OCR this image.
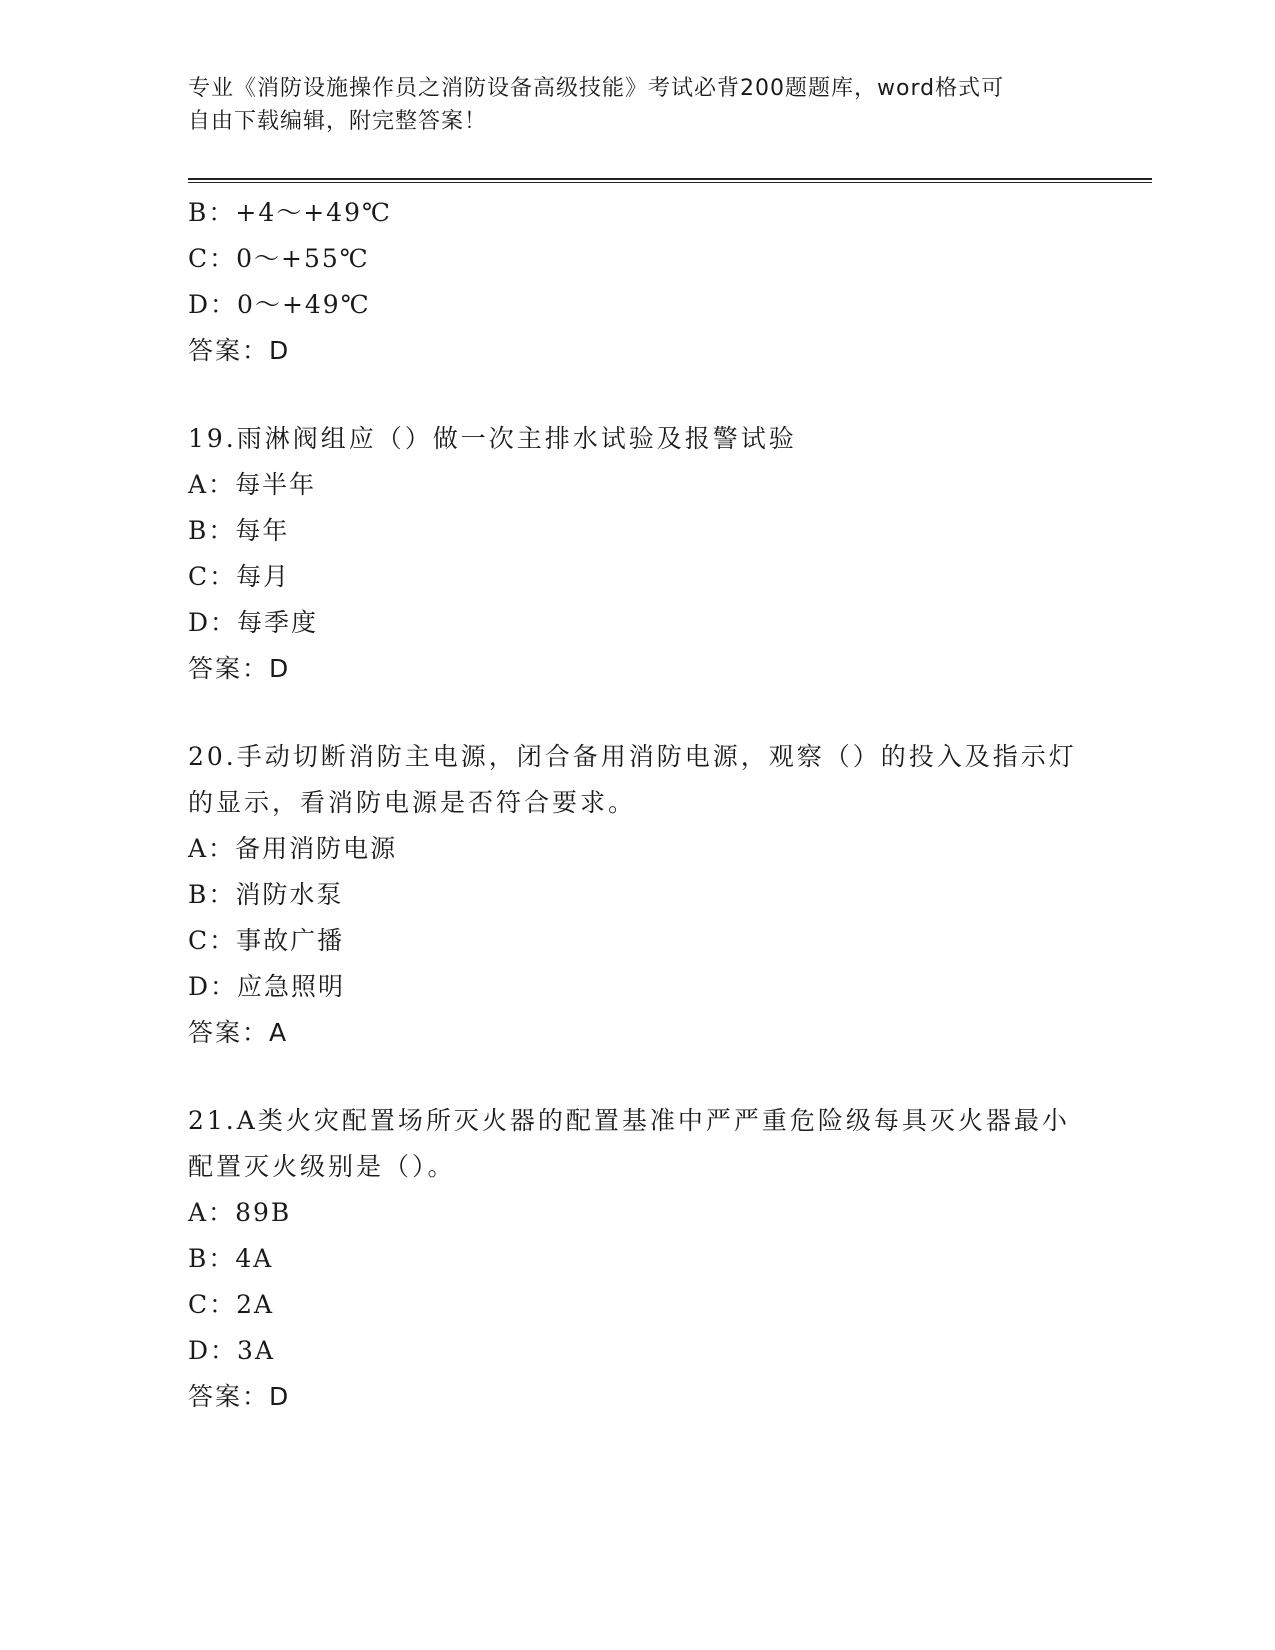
专业《消防设施操作员之消防设备高级技能》考试必背200题题库，word格式可
自由下载编辑，附完整答案！
B：+4～+49℃
C：0～+55℃
D：0～+49℃
答案：D
19.雨淋阀组应（）做一次主排水试验及报警试验
A：每半年
B：每年
C：每月
D：每季度
答案：D
20.手动切断消防主电源，闭合备用消防电源，观察（）的投入及指示灯的显示，看消防电源是否符合要求。
A：备用消防电源
B：消防水泵
C：事故广播
D：应急照明
答案：A
21.A类火灾配置场所灭火器的配置基准中严严重危险级每具灭火器最小配置灭火级别是（）。
A：89B
B：4A
C：2A
D：3A
答案：D
